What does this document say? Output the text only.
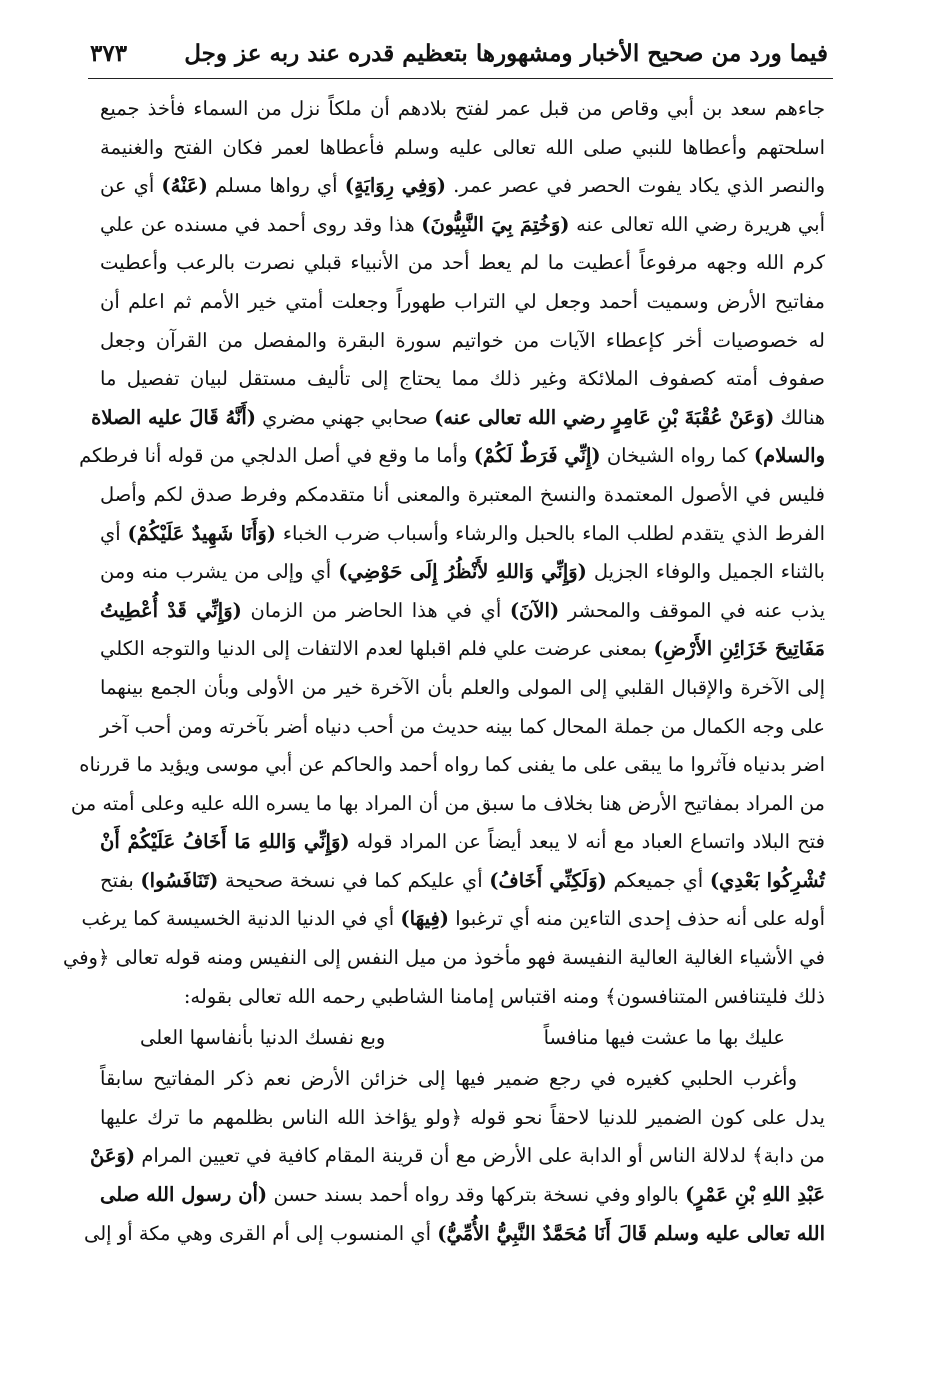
فيما ورد من صحيح الأخبار ومشهورها بتعظيم قدره عند ربه عز وجل
٣٧٣
جاءهم سعد بن أبي وقاص من قبل عمر لفتح بلادهم أن ملكاً نزل من السماء فأخذ جميع
اسلحتهم وأعطاها للنبي صلى الله تعالى عليه وسلم فأعطاها لعمر فكان الفتح والغنيمة
والنصر الذي يكاد يفوت الحصر في عصر عمر. (وَفِي رِوَايَةٍ) أي رواها مسلم (عَنْهُ) أي عن
أبي هريرة رضي الله تعالى عنه (وَخُتِمَ بِيَ النَّبِيُّونَ) هذا وقد روى أحمد في مسنده عن علي
كرم الله وجهه مرفوعاً أعطيت ما لم يعط أحد من الأنبياء قبلي نصرت بالرعب وأعطيت
مفاتيح الأرض وسميت أحمد وجعل لي التراب طهوراً وجعلت أمتي خير الأمم ثم اعلم أن
له خصوصيات أخر كإعطاء الآيات من خواتيم سورة البقرة والمفصل من القرآن وجعل
صفوف أمته كصفوف الملائكة وغير ذلك مما يحتاج إلى تأليف مستقل لبيان تفصيل ما
هنالك (وَعَنْ عُقْبَةَ بْنِ عَامِرٍ رضي الله تعالى عنه) صحابي جهني مضري (أَنَّهُ قَالَ عليه الصلاة
والسلام) كما رواه الشيخان (إِنِّي فَرَطٌ لَكُمْ) وأما ما وقع في أصل الدلجي من قوله أنا فرطكم
فليس في الأصول المعتمدة والنسخ المعتبرة والمعنى أنا متقدمكم وفرط صدق لكم وأصل
الفرط الذي يتقدم لطلب الماء بالحبل والرشاء وأسباب ضرب الخباء (وَأَنَا شَهِيدٌ عَلَيْكُمْ) أي
بالثناء الجميل والوفاء الجزيل (وَإِنِّي وَاللهِ لأَنْظُرُ إِلَى حَوْضِي) أي وإلى من يشرب منه ومن
يذب عنه في الموقف والمحشر (الآنَ) أي في هذا الحاضر من الزمان (وَإِنِّي قَدْ أُعْطِيتُ
مَفَاتِيحَ خَزَائِنِ الأَرْضِ) بمعنى عرضت علي فلم اقبلها لعدم الالتفات إلى الدنيا والتوجه الكلي
إلى الآخرة والإقبال القلبي إلى المولى والعلم بأن الآخرة خير من الأولى وبأن الجمع بينهما
على وجه الكمال من جملة المحال كما بينه حديث من أحب دنياه أضر بآخرته ومن أحب آخر
اضر بدنياه فآثروا ما يبقى على ما يفنى كما رواه أحمد والحاكم عن أبي موسى ويؤيد ما قررناه
من المراد بمفاتيح الأرض هنا بخلاف ما سبق من أن المراد بها ما يسره الله عليه وعلى أمته من
فتح البلاد واتساع العباد مع أنه لا يبعد أيضاً عن المراد قوله (وَإِنِّي وَاللهِ مَا أَخَافُ عَلَيْكُمْ أَنْ
تُشْرِكُوا بَعْدِي) أي جميعكم (وَلَكِنِّي أَخَافُ) أي عليكم كما في نسخة صحيحة (تَنَافَسُوا) بفتح
أوله على أنه حذف إحدى التاءين منه أي ترغبوا (فِيهَا) أي في الدنيا الدنية الخسيسة كما يرغب
في الأشياء الغالية العالية النفيسة فهو مأخوذ من ميل النفس إلى النفيس ومنه قوله تعالى ﴿وفي
ذلك فليتنافس المتنافسون﴾ ومنه اقتباس إمامنا الشاطبي رحمه الله تعالى بقوله:
عليك بها ما عشت فيها منافساً
وبع نفسك الدنيا بأنفاسها العلى
وأغرب الحلبي كغيره في رجع ضمير فيها إلى خزائن الأرض نعم ذكر المفاتيح سابقاً
يدل على كون الضمير للدنيا لاحقاً نحو قوله ﴿ولو يؤاخذ الله الناس بظلمهم ما ترك عليها
من دابة﴾ لدلالة الناس أو الدابة على الأرض مع أن قرينة المقام كافية في تعيين المرام (وَعَنْ
عَبْدِ اللهِ بْنِ عَمْرٍ) بالواو وفي نسخة بتركها وقد رواه أحمد بسند حسن (أن رسول الله صلى
الله تعالى عليه وسلم قَالَ أَنَا مُحَمَّدٌ النَّبِيُّ الأُمِّيُّ) أي المنسوب إلى أم القرى وهي مكة أو إلى
